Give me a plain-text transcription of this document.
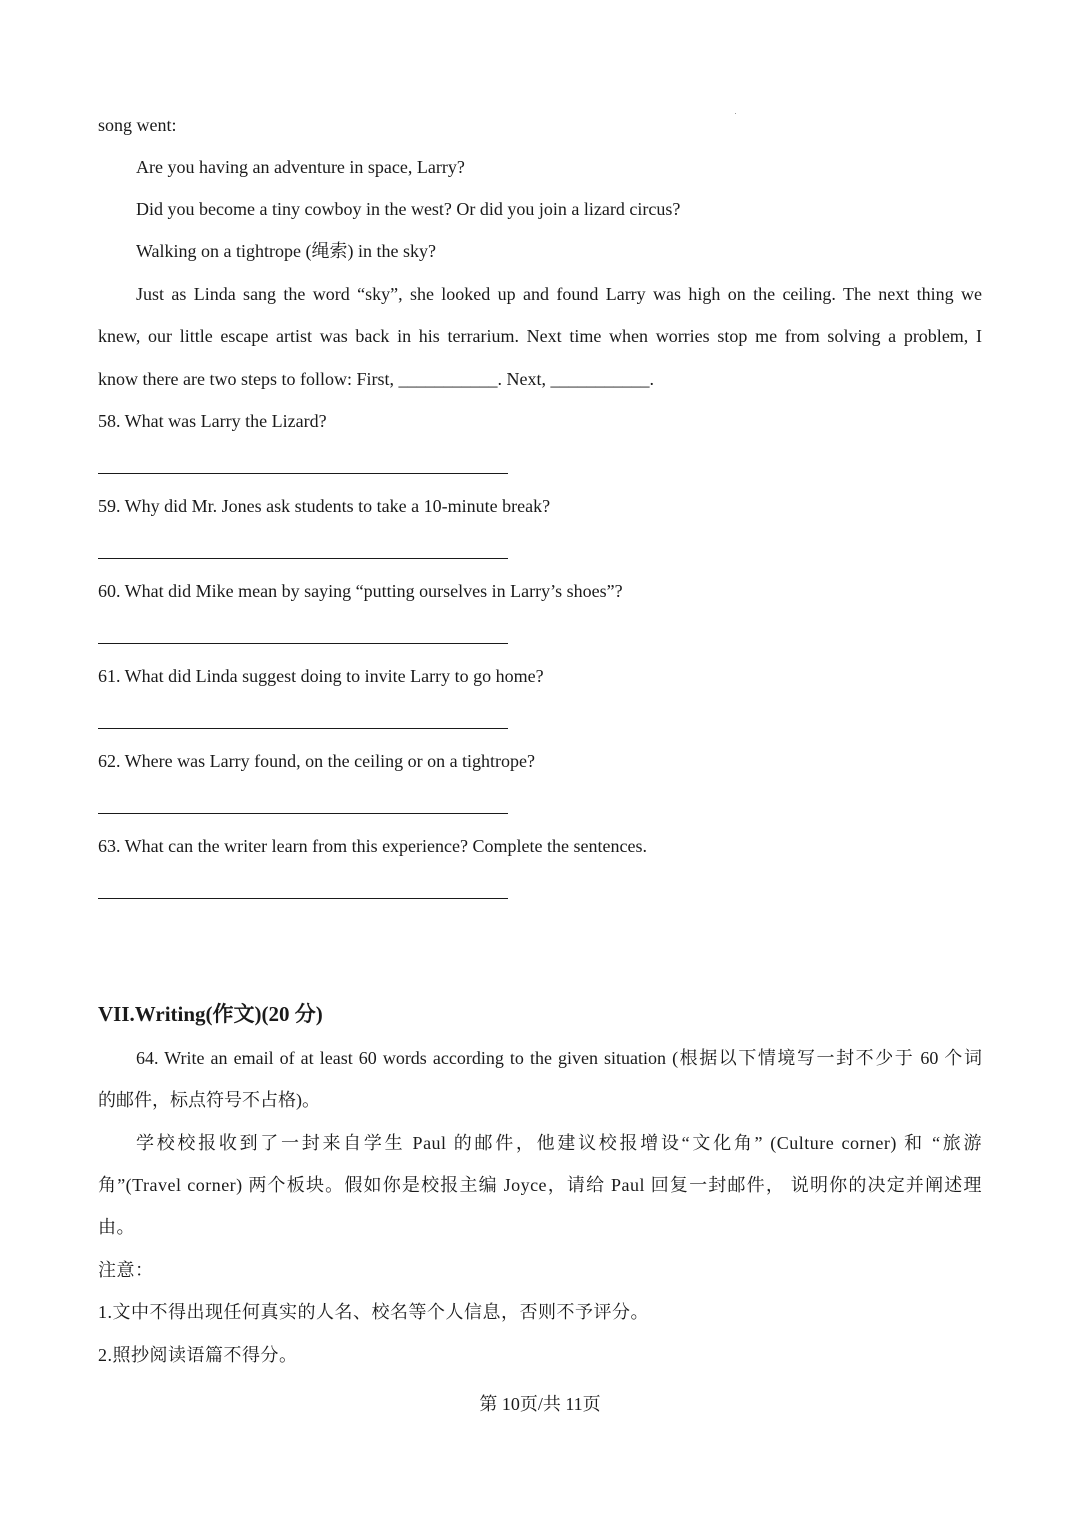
song went:
Are you having an adventure in space, Larry?
Did you become a tiny cowboy in the west? Or did you join a lizard circus?
Walking on a tightrope (绳索) in the sky?
Just as Linda sang the word “sky”, she looked up and found Larry was high on the ceiling. The next thing we
knew, our little escape artist was back in his terrarium. Next time when worries stop me from solving a problem, I
know there are two steps to follow: First, ___________. Next, ___________.
58. What was Larry the Lizard?
59. Why did Mr. Jones ask students to take a 10-minute break?
60. What did Mike mean by saying “putting ourselves in Larry’s shoes”?
61. What did Linda suggest doing to invite Larry to go home?
62. Where was Larry found, on the ceiling or on a tightrope?
63. What can the writer learn from this experience? Complete the sentences.
VII.Writing(作文)(20 分)
64. Write an email of at least 60 words according to the given situation (根据以下情境写一封不少于 60 个词
的邮件，标点符号不占格)。
学校校报收到了一封来自学生 Paul 的邮件，他建议校报增设“文化角” (Culture corner) 和 “旅游
角”(Travel corner) 两个板块。假如你是校报主编 Joyce，请给 Paul 回复一封邮件， 说明你的决定并阐述理
由。
注意：
1.文中不得出现任何真实的人名、校名等个人信息，否则不予评分。
2.照抄阅读语篇不得分。
第 10页/共 11页
